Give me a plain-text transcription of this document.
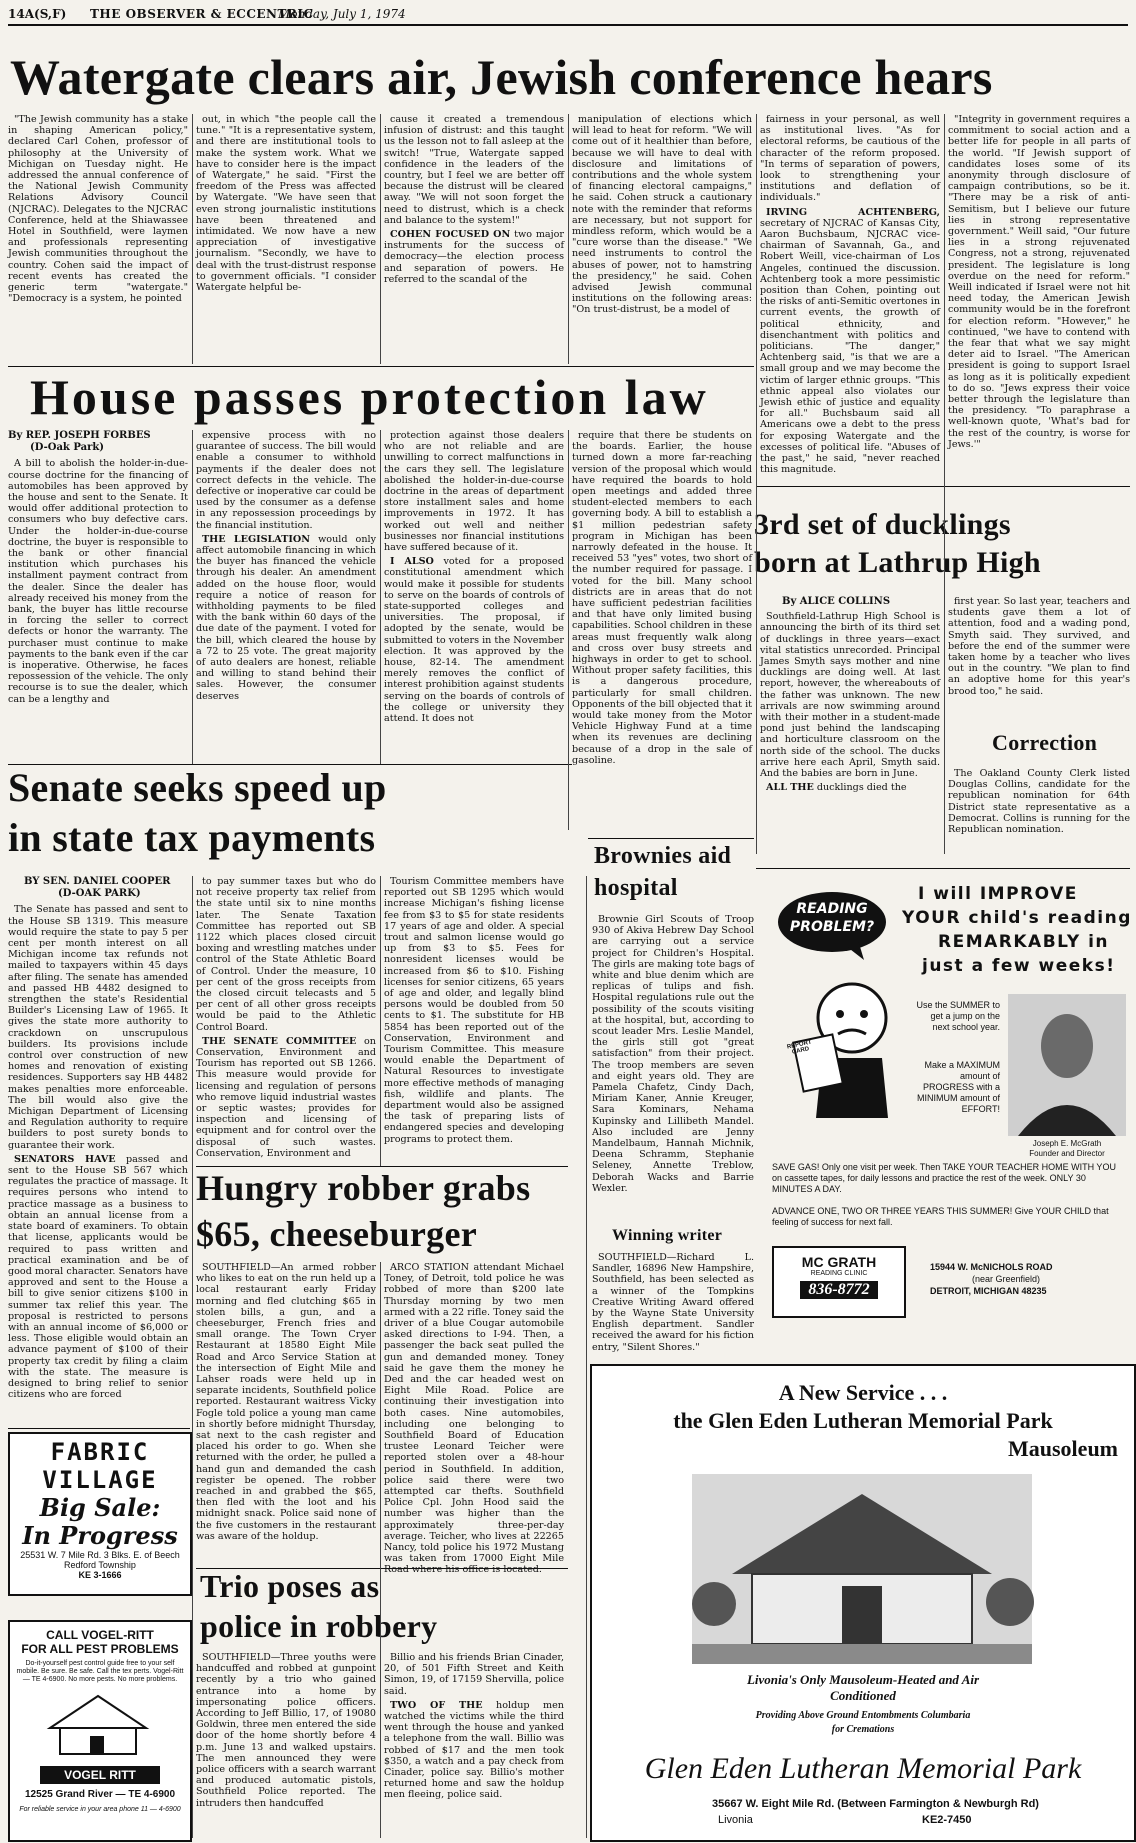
14A(S,F) THE OBSERVER & ECCENTRIC
Monday, July 1, 1974
Watergate clears air, Jewish conference hears

"The Jewish community has a stake in shaping American policy," declared Carl Cohen, professor of philosophy at the University of Michigan on Tuesday night. He addressed the annual conference of the National Jewish Community Relations Advisory Council (NJCRAC). Delegates to the NJCRAC Conference, held at the Shiawassee Hotel in Southfield, were laymen and professionals representing Jewish communities throughout the country. Cohen said the impact of recent events has created the generic term "watergate." "Democracy is a system, he pointed

out, in which "the people call the tune." "It is a representative system, and there are institutional tools to make the system work. What we have to consider here is the impact of Watergate," he said. "First the freedom of the Press was affected by Watergate. "We have seen that even strong journalistic institutions have been threatened and intimidated. We now have a new appreciation of investigative journalism. "Secondly, we have to deal with the trust-distrust response to government officials. "I consider Watergate helpful be-

cause it created a tremendous infusion of distrust: and this taught us the lesson not to fall asleep at the switch! "True, Watergate sapped confidence in the leaders of the country, but I feel we are better off because the distrust will be cleared away. "We will not soon forget the need to distrust, which is a check and balance to the system!"

COHEN FOCUSED ON two major instruments for the success of democracy—the election process and separation of powers. He referred to the scandal of the

manipulation of elections which will lead to heat for reform. "We will come out of it healthier than before, because we will have to deal with disclosure and limitations of contributions and the whole system of financing electoral campaigns," he said. Cohen struck a cautionary note with the reminder that reforms are necessary, but not support for mindless reform, which would be a "cure worse than the disease." "We need instruments to control the abuses of power, not to hamstring the presidency," he said. Cohen advised Jewish communal institutions on the following areas: "On trust-distrust, be a model of

fairness in your personal, as well as institutional lives. "As for electoral reforms, be cautious of the character of the reform proposed. "In terms of separation of powers, look to strengthening your institutions and deflation of individuals."

IRVING ACHTENBERG, secretary of NJCRAC of Kansas City, Aaron Buchsbaum, NJCRAC vice-chairman of Savannah, Ga., and Robert Weill, vice-chairman of Los Angeles, continued the discussion. Achtenberg took a more pessimistic position than Cohen, pointing out the risks of anti-Semitic overtones in current events, the growth of political ethnicity, and disenchantment with politics and politicians. "The danger," Achtenberg said, "is that we are a small group and we may become the victim of larger ethnic groups. "This ethnic appeal also violates our Jewish ethic of justice and equality for all." Buchsbaum said all Americans owe a debt to the press for exposing Watergate and the excesses of political life. "Abuses of the past," he said, "never reached this magnitude.

"Integrity in government requires a commitment to social action and a better life for people in all parts of the world. "If Jewish support of candidates loses some of its anonymity through disclosure of campaign contributions, so be it. "There may be a risk of anti-Semitism, but I believe our future lies in strong representative government." Weill said, "Our future lies in a strong rejuvenated Congress, not a strong, rejuvenated president. The legislature is long overdue on the need for reform." Weill indicated if Israel were not hit need today, the American Jewish community would be in the forefront for election reform. "However," he continued, "we have to contend with the fear that what we say might deter aid to Israel. "The American president is going to support Israel as long as it is politically expedient to do so. "Jews express their voice better through the legislature than the presidency. "To paraphrase a well-known quote, 'What's bad for the rest of the country, is worse for Jews.'"

House passes protection law
By REP. JOSEPH FORBES
(D-Oak Park)

A bill to abolish the holder-in-due-course doctrine for the financing of automobiles has been approved by the house and sent to the Senate. It would offer additional protection to consumers who buy defective cars. Under the holder-in-due-course doctrine, the buyer is responsible to the bank or other financial institution which purchases his installment payment contract from the dealer. Since the dealer has already received his money from the bank, the buyer has little recourse in forcing the seller to correct defects or honor the warranty. The purchaser must continue to make payments to the bank even if the car is inoperative. Otherwise, he faces repossession of the vehicle. The only recourse is to sue the dealer, which can be a lengthy and

expensive process with no guarantee of success. The bill would enable a consumer to withhold payments if the dealer does not correct defects in the vehicle. The defective or inoperative car could be used by the consumer as a defense in any repossession proceedings by the financial institution.

THE LEGISLATION would only affect automobile financing in which the buyer has financed the vehicle through his dealer. An amendment added on the house floor, would require a notice of reason for withholding payments to be filed with the bank within 60 days of the due date of the payment. I voted for the bill, which cleared the house by a 72 to 25 vote. The great majority of auto dealers are honest, reliable and willing to stand behind their sales. However, the consumer deserves

protection against those dealers who are not reliable and are unwilling to correct malfunctions in the cars they sell. The legislature abolished the holder-in-due-course doctrine in the areas of department store installment sales and home improvements in 1972. It has worked out well and neither businesses nor financial institutions have suffered because of it.

I ALSO voted for a proposed constitutional amendment which would make it possible for students to serve on the boards of controls of state-supported colleges and universities. The proposal, if adopted by the senate, would be submitted to voters in the November election. It was approved by the house, 82-14. The amendment merely removes the conflict of interest prohibition against students serving on the boards of controls of the college or university they attend. It does not

require that there be students on the boards. Earlier, the house turned down a more far-reaching version of the proposal which would have required the boards to hold open meetings and added three student-elected members to each governing body. A bill to establish a $1 million pedestrian safety program in Michigan has been narrowly defeated in the house. It received 53 "yes" votes, two short of the number required for passage. I voted for the bill. Many school districts are in areas that do not have sufficient pedestrian facilities and that have only limited busing capabilities. School children in these areas must frequently walk along and cross over busy streets and highways in order to get to school. Without proper safety facilities, this is a dangerous procedure, particularly for small children. Opponents of the bill objected that it would take money from the Motor Vehicle Highway Fund at a time when its revenues are declining because of a drop in the sale of gasoline.

3rd set of ducklings
born at Lathrup High
By ALICE COLLINS

Southfield-Lathrup High School is announcing the birth of its third set of ducklings in three years—exact vital statistics unrecorded. Principal James Smyth says mother and nine ducklings are doing well. At last report, however, the whereabouts of the father was unknown. The new arrivals are now swimming around with their mother in a student-made pond just behind the landscaping and horticulture classroom on the north side of the school. The ducks arrive here each April, Smyth said. And the babies are born in June.

ALL THE ducklings died the

first year. So last year, teachers and students gave them a lot of attention, food and a wading pond, Smyth said. They survived, and before the end of the summer were taken home by a teacher who lives out in the country. "We plan to find an adoptive home for this year's brood too," he said.

Correction

The Oakland County Clerk listed Douglas Collins, candidate for the republican nomination for 64th District state representative as a Democrat. Collins is running for the Republican nomination.

Senate seeks speed up
in state tax payments
BY SEN. DANIEL COOPER
(D-OAK PARK)

The Senate has passed and sent to the House SB 1319. This measure would require the state to pay 5 per cent per month interest on all Michigan income tax refunds not mailed to taxpayers within 45 days after filing. The senate has amended and passed HB 4482 designed to strengthen the state's Residential Builder's Licensing Law of 1965. It gives the state more authority to crackdown on unscrupulous builders. Its provisions include control over construction of new homes and renovation of existing residences. Supporters say HB 4482 makes penalties more enforceable. The bill would also give the Michigan Department of Licensing and Regulation authority to require builders to post surety bonds to guarantee their work.

SENATORS HAVE passed and sent to the House SB 567 which regulates the practice of massage. It requires persons who intend to practice massage as a business to obtain an annual license from a state board of examiners. To obtain that license, applicants would be required to pass written and practical examination and be of good moral character. Senators have approved and sent to the House a bill to give senior citizens $100 in summer tax relief this year. The proposal is restricted to persons with an annual income of $6,000 or less. Those eligible would obtain an advance payment of $100 of their property tax credit by filing a claim with the state. The measure is designed to bring relief to senior citizens who are forced

to pay summer taxes but who do not receive property tax relief from the state until six to nine months later. The Senate Taxation Committee has reported out SB 1122 which places closed circuit boxing and wrestling matches under control of the State Athletic Board of Control. Under the measure, 10 per cent of the gross receipts from the closed circuit telecasts and 5 per cent of all other gross receipts would be paid to the Athletic Control Board.

THE SENATE COMMITTEE on Conservation, Environment and Tourism has reported out SB 1266. This measure would provide for licensing and regulation of persons who remove liquid industrial wastes or septic wastes; provides for inspection and licensing of equipment and for control over the disposal of such wastes. Conservation, Environment and

Tourism Committee members have reported out SB 1295 which would increase Michigan's fishing license fee from $3 to $5 for state residents 17 years of age and older. A special trout and salmon license would go up from $3 to $5. Fees for nonresident licenses would be increased from $6 to $10. Fishing licenses for senior citizens, 65 years of age and older, and legally blind persons would be doubled from 50 cents to $1. The substitute for HB 5854 has been reported out of the Conservation, Environment and Tourism Committee. This measure would enable the Department of Natural Resources to investigate more effective methods of managing fish, wildlife and plants. The department would also be assigned the task of preparing lists of endangered species and developing programs to protect them.

Brownies aid
hospital

Brownie Girl Scouts of Troop 930 of Akiva Hebrew Day School are carrying out a service project for Children's Hospital. The girls are making tote bags of white and blue denim which are replicas of tulips and fish. Hospital regulations rule out the possibility of the scouts visiting at the hospital, but, according to scout leader Mrs. Leslie Mandel, the girls still got "great satisfaction" from their project. The troop members are seven and eight years old. They are Pamela Chafetz, Cindy Dach, Miriam Kaner, Annie Kreuger, Sara Kominars, Nehama Kupinsky and Lillibeth Mandel. Also included are Jenny Mandelbaum, Hannah Michnik, Deena Schramm, Stephanie Seleney, Annette Treblow, Deborah Wacks and Barrie Wexler.

Winning writer

SOUTHFIELD—Richard L. Sandler, 16896 New Hampshire, Southfield, has been selected as a winner of the Tompkins Creative Writing Award offered by the Wayne State University English department. Sandler received the award for his fiction entry, "Silent Shores."

Hungry robber grabs
$65, cheeseburger

SOUTHFIELD—An armed robber who likes to eat on the run held up a local restaurant early Friday morning and fled clutching $65 in stolen bills, a gun, and a cheeseburger, French fries and small orange. The Town Cryer Restaurant at 18580 Eight Mile Road and Arco Service Station at the intersection of Eight Mile and Lahser roads were held up in separate incidents, Southfield police reported. Restaurant waitress Vicky Fogle told police a young man came in shortly before midnight Thursday, sat next to the cash register and placed his order to go. When she returned with the order, he pulled a hand gun and demanded the cash register be opened. The robber reached in and grabbed the $65, then fled with the loot and his midnight snack. Police said none of the five customers in the restaurant was aware of the holdup.

ARCO STATION attendant Michael Toney, of Detroit, told police he was robbed of more than $200 late Thursday morning by two men armed with a 22 rifle. Toney said the driver of a blue Cougar automobile asked directions to I-94. Then, a passenger the back seat pulled the gun and demanded money. Toney said he gave them the money he Ded and the car headed west on Eight Mile Road. Police are continuing their investigation into both cases. Nine automobiles, including one belonging to Southfield Board of Education trustee Leonard Teicher were reported stolen over a 48-hour period in Southfield. In addition, police said there were two attempted car thefts. Southfield Police Cpl. John Hood said the number was higher than the approximately three-per-day average. Teicher, who lives at 22265 Nancy, told police his 1972 Mustang was taken from 17000 Eight Mile Road where his office is located.

Trio poses as
police in robbery

SOUTHFIELD—Three youths were handcuffed and robbed at gunpoint recently by a trio who gained entrance into a home by impersonating police officers. According to Jeff Billio, 17, of 19080 Goldwin, three men entered the side door of the home shortly before 4 p.m. June 13 and walked upstairs. The men announced they were police officers with a search warrant and produced automatic pistols, Southfield Police reported. The intruders then handcuffed

Billio and his friends Brian Cinader, 20, of 501 Fifth Street and Keith Simon, 19, of 17159 Shervilla, police said.

TWO OF THE holdup men watched the victims while the third went through the house and yanked a telephone from the wall. Billio was robbed of $17 and the men took $350, a watch and a pay check from Cinader, police say. Billio's mother returned home and saw the holdup men fleeing, police said.

FABRIC
VILLAGE
Big Sale:
In Progress
25531 W. 7 Mile Rd. 3 Blks. E. of Beech
Redford Township
KE 3-1666
CALL VOGEL-RITT
FOR ALL PEST PROBLEMS
Do-it-yourself pest control guide free to your self mobile. Be sure. Be safe. Call the tex perts. Vogel-Ritt — TE 4-6900. No more pests. No more problems.
VOGEL RITT
12525 Grand River — TE 4-6900
For reliable service in your area phone 11 — 4-6900
READING PROBLEM?
REPORT CARD
I will IMPROVE
YOUR child's reading
REMARKABLY in
just a few weeks!
Use the SUMMER to get a jump on the next school year.
Make a MAXIMUM amount of PROGRESS with a MINIMUM amount of EFFORT!
Joseph E. McGrath
Founder and Director
SAVE GAS! Only one visit per week. Then TAKE YOUR TEACHER HOME WITH YOU on cassette tapes, for daily lessons and practice the rest of the week. ONLY 30 MINUTES A DAY.
ADVANCE ONE, TWO OR THREE YEARS THIS SUMMER! Give YOUR CHILD that feeling of success for next fall.
MC GRATH
READING CLINIC
836-8772
15944 W. McNICHOLS ROAD
(near Greenfield)
DETROIT, MICHIGAN 48235
A New Service . . .
the Glen Eden Lutheran Memorial Park
Mausoleum
Livonia's Only Mausoleum-Heated and Air
Conditioned
Providing Above Ground Entombments Columbaria
for Cremations
Glen Eden Lutheran Memorial Park
35667 W. Eight Mile Rd. (Between Farmington & Newburgh Rd)
Livonia	KE2-7450
